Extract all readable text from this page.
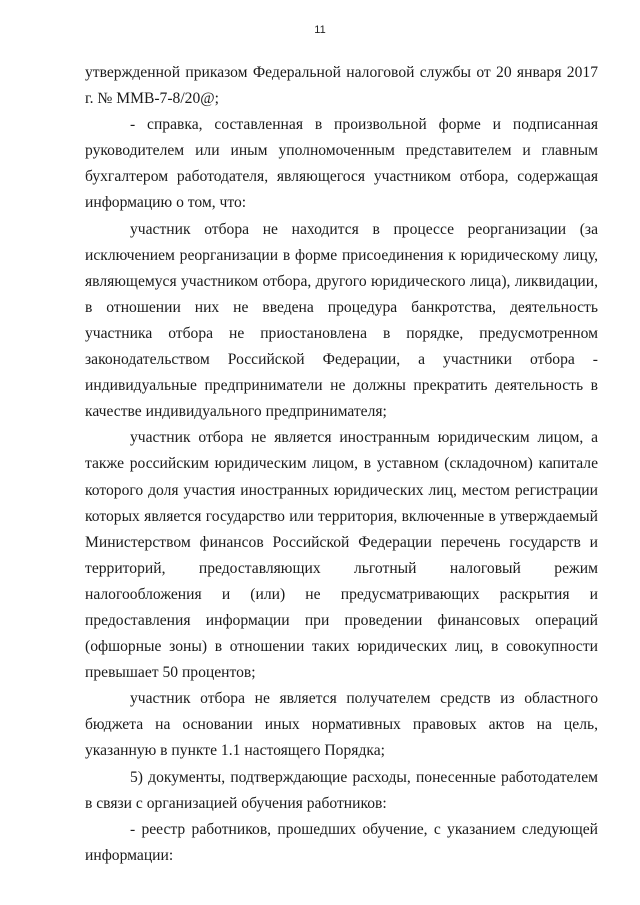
11

утвержденной приказом Федеральной налоговой службы от 20 января 2017 г. № ММВ-7-8/20@;

- справка, составленная в произвольной форме и подписанная руководителем или иным уполномоченным представителем и главным бухгалтером работодателя, являющегося участником отбора, содержащая информацию о том, что:

участник отбора не находится в процессе реорганизации (за исключением реорганизации в форме присоединения к юридическому лицу, являющемуся участником отбора, другого юридического лица), ликвидации, в отношении них не введена процедура банкротства, деятельность участника отбора не приостановлена в порядке, предусмотренном законодательством Российской Федерации, а участники отбора - индивидуальные предприниматели не должны прекратить деятельность в качестве индивидуального предпринимателя;

участник отбора не является иностранным юридическим лицом, а также российским юридическим лицом, в уставном (складочном) капитале которого доля участия иностранных юридических лиц, местом регистрации которых является государство или территория, включенные в утверждаемый Министерством финансов Российской Федерации перечень государств и территорий, предоставляющих льготный налоговый режим налогообложения и (или) не предусматривающих раскрытия и предоставления информации при проведении финансовых операций (офшорные зоны) в отношении таких юридических лиц, в совокупности превышает 50 процентов;

участник отбора не является получателем средств из областного бюджета на основании иных нормативных правовых актов на цель, указанную в пункте 1.1 настоящего Порядка;

5) документы, подтверждающие расходы, понесенные работодателем в связи с организацией обучения работников:

- реестр работников, прошедших обучение, с указанием следующей информации:
